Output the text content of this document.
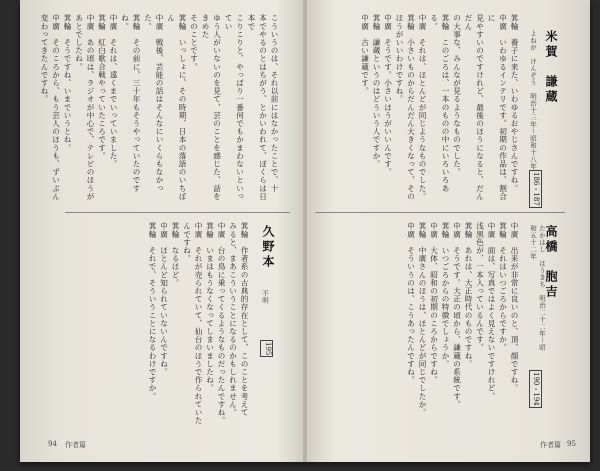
こういうのは、それ以前にはなかったことで、十

本でやるのとはちがう、とかいわれて、ぼくらは日本で

こりこりと、やっぱり一番何でもかまわないといってい

ゆう人がいないのを見て、芸のことを感じた、話をきめた

そのことです。

箕輪　いっしょに、その時期、日本の落語のいちばん

中廣　戦後、芸能の話はそんなにいくらもなかった。

箕輪　その前に、三十年もそうやっていたのですね。

中廣　それは、遠くまでいっていました。

箕輪　紅白歌合戦やっていたころです。

中廣　あの頃は、ラジオが中心で、テレビのほうが

あとでしたね。

箕輪　そうですね、いまでいうとね。

中廣　そのころから、もう芸人のほうも、ずいぶん

変わってきたんですね。

久野本
不明
195

箕輪　作者系の古典的存在として、このことを考えて

みると、まあこういうことになるのかもしれません。

中廣　台の鳥に乗ってくるようなものだったんですね。

箕輪　いまはもうなくなってしまいましたね。

中廣　それが売られていて、仙台のほうで作られていた

んですね。

箕輪　なるほど。

中廣　ほとんど知られていないんですね。

箕輪　それで、そういうことになるわけですか。

94 作者篇
米賀　謙蔵
よねが　けんぞう　明治十三年～昭和十八年
186・187

箕輪　養子に来た、いわゆるおやじさんですね。

中廣　いわゆるインテリです。初期の作品は、割合に

見やすいのですけれど、最後のほうになると、だんだん

の大事な、みんなが見るようなものでした。

箕輪　このごろは、一本のものの中にいろいろある。

中廣　それは、ほとんどが同じようなものでした。

箕輪　小さいものからだんだん大きくなって、その

ほうがいいわけですね。

中廣　そうです。小さいほうがいいんです。

箕輪　謙蔵というのはどういう人ですか。

中廣　古い謙蔵です。

高橋　胞吉
たかはし　ほうきち　明治二十二年～昭和五十二年
190・194

中廣　出来が非常に良いのと、頂、顔ですね。

箕輪　それはいつごろからですか。

中廣　面は、写真ではよく見えないですけれど、

浅黒色が、一本入っているんです。

箕輪　あれは、大正時代のものですね。

中廣　そうです。大正の頃から、謙蔵の系統です。

箕輪　いつごろからの特徴でしょうか。

中廣　大体、昭和の初期のころからですね。

箕輪　中廣さんのほうは、ほとんどが同じでしたか。

中廣　そういうのは、こうあったんですね。

作者篇 95
